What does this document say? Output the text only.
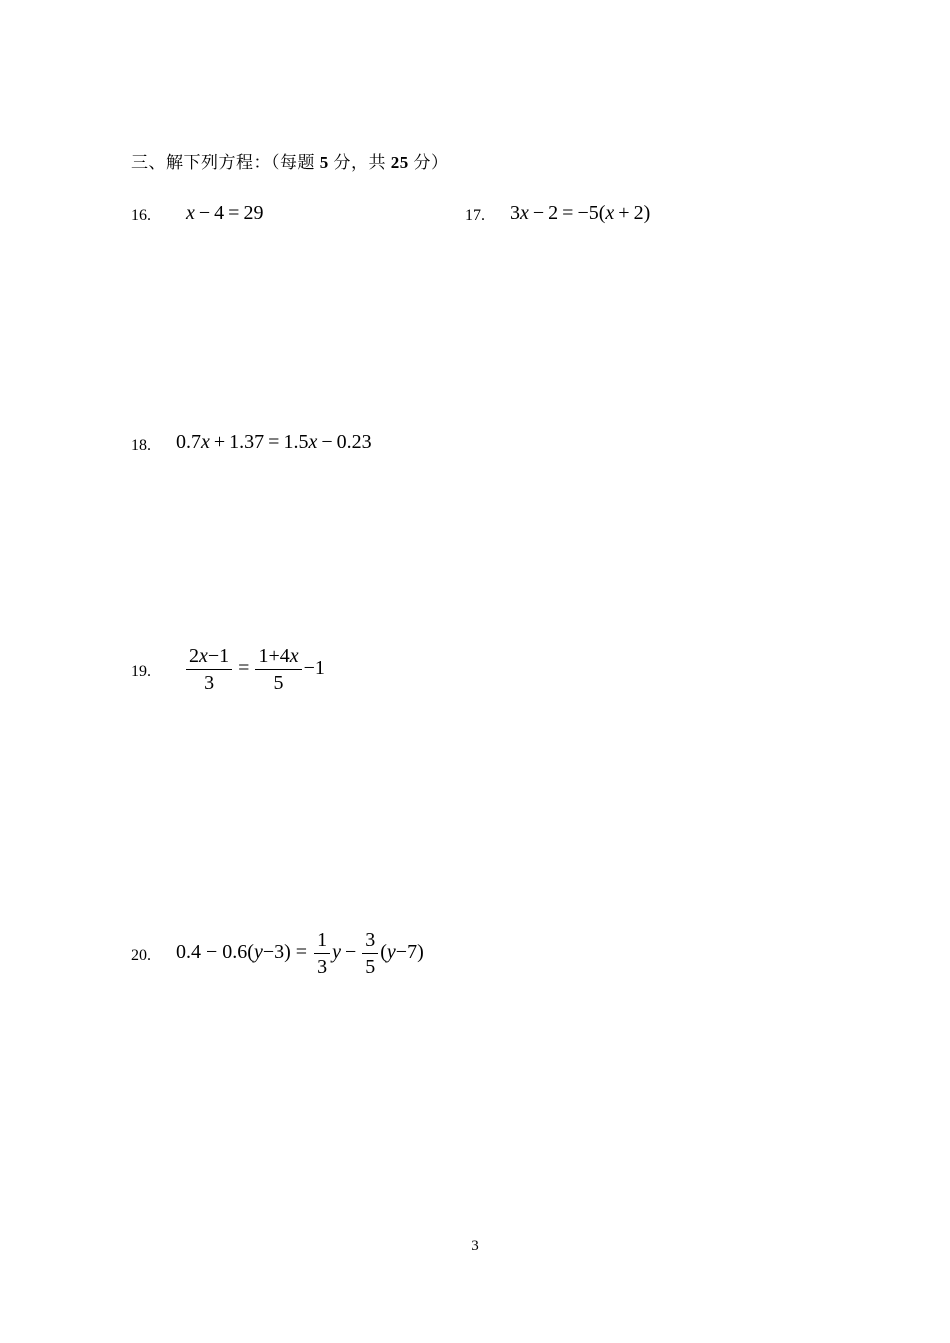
三、解下列方程：（每题 5 分，共 25 分）
16. x − 4 = 29	17. 3x − 2 = −5(x + 2)
18. 0.7x + 1.37 = 1.5x − 0.23
19. $\frac{2x-1}{3} = \frac{1+4x}{5} -1$
20. $0.4 - 0.6(y-3) = \frac{1}{3}$ $y - \frac{3}{5} (y-7)$
3
